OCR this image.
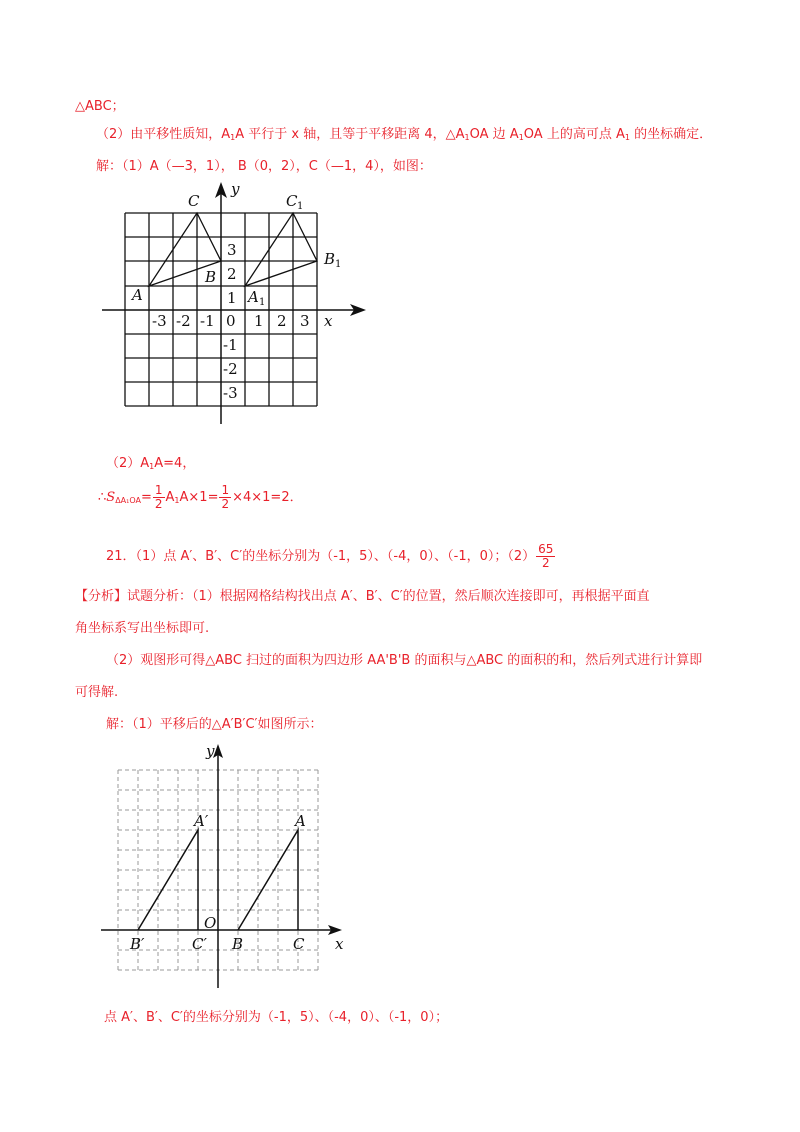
△ABC；
（2）由平移性质知，$A_1A$ 平行于 x 轴，且等于平移距离 4，$\triangle A_1OA$ 边 $A_1OA$ 上的高可点 $A_1$ 的坐标确定．
解：（1）A（—3，1）， B（0，2），C（—1，4），如图：
C
y
C 1
B 1
B
A	A 1
x
3
2
1
0
-3 -2 -1	1 2 3
-1
-2
-3
$(2)A_1A=4$，
$\therefore S_{\Delta A_1OA}= \frac{1}{2} A_1A\times 1= \frac{1}{2} \times 4\times 1=2$．
21．（1）点 A′、B′、C′的坐标分别为（-1，5）、（-4，0）、（-1，0）；$(2) \frac{65}{2}$
【分析】试题分析：（1）根据网格结构找出点 A′、B′、C′的位置，然后顺次连接即可，再根据平面直
角坐标系写出坐标即可.
（2）观图形可得△ABC 扫过的面积为四边形 AA'B'B 的面积与△ABC 的面积的和，然后列式进行计算即
可得解.
解：（1）平移后的△A′B′C′如图所示：
y
A′	A
O
B′	C′ B	C x
点 A′、B′、C′的坐标分别为（-1，5）、（-4，0）、（-1，0）；
